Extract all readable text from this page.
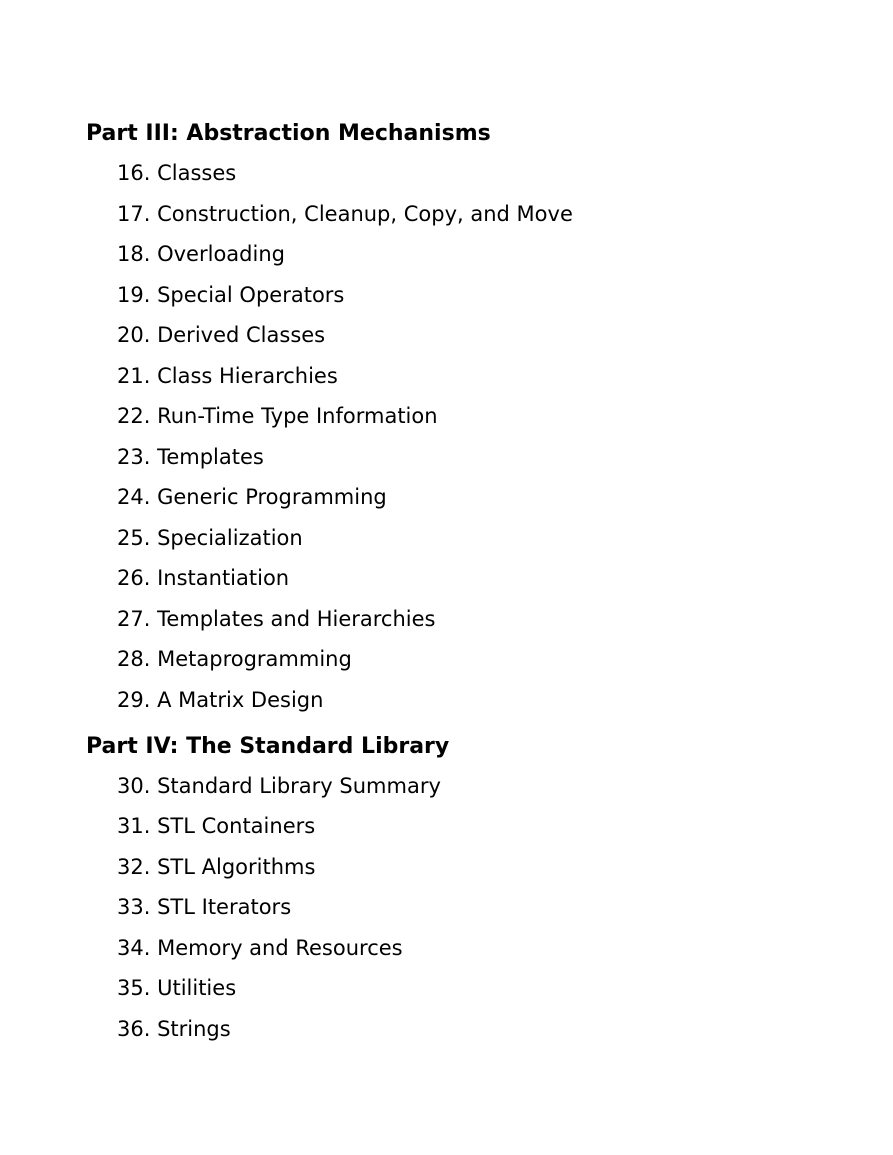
Part III: Abstraction Mechanisms
16. Classes
17. Construction, Cleanup, Copy, and Move
18. Overloading
19. Special Operators
20. Derived Classes
21. Class Hierarchies
22. Run-Time Type Information
23. Templates
24. Generic Programming
25. Specialization
26. Instantiation
27. Templates and Hierarchies
28. Metaprogramming
29. A Matrix Design
Part IV: The Standard Library
30. Standard Library Summary
31. STL Containers
32. STL Algorithms
33. STL Iterators
34. Memory and Resources
35. Utilities
36. Strings
